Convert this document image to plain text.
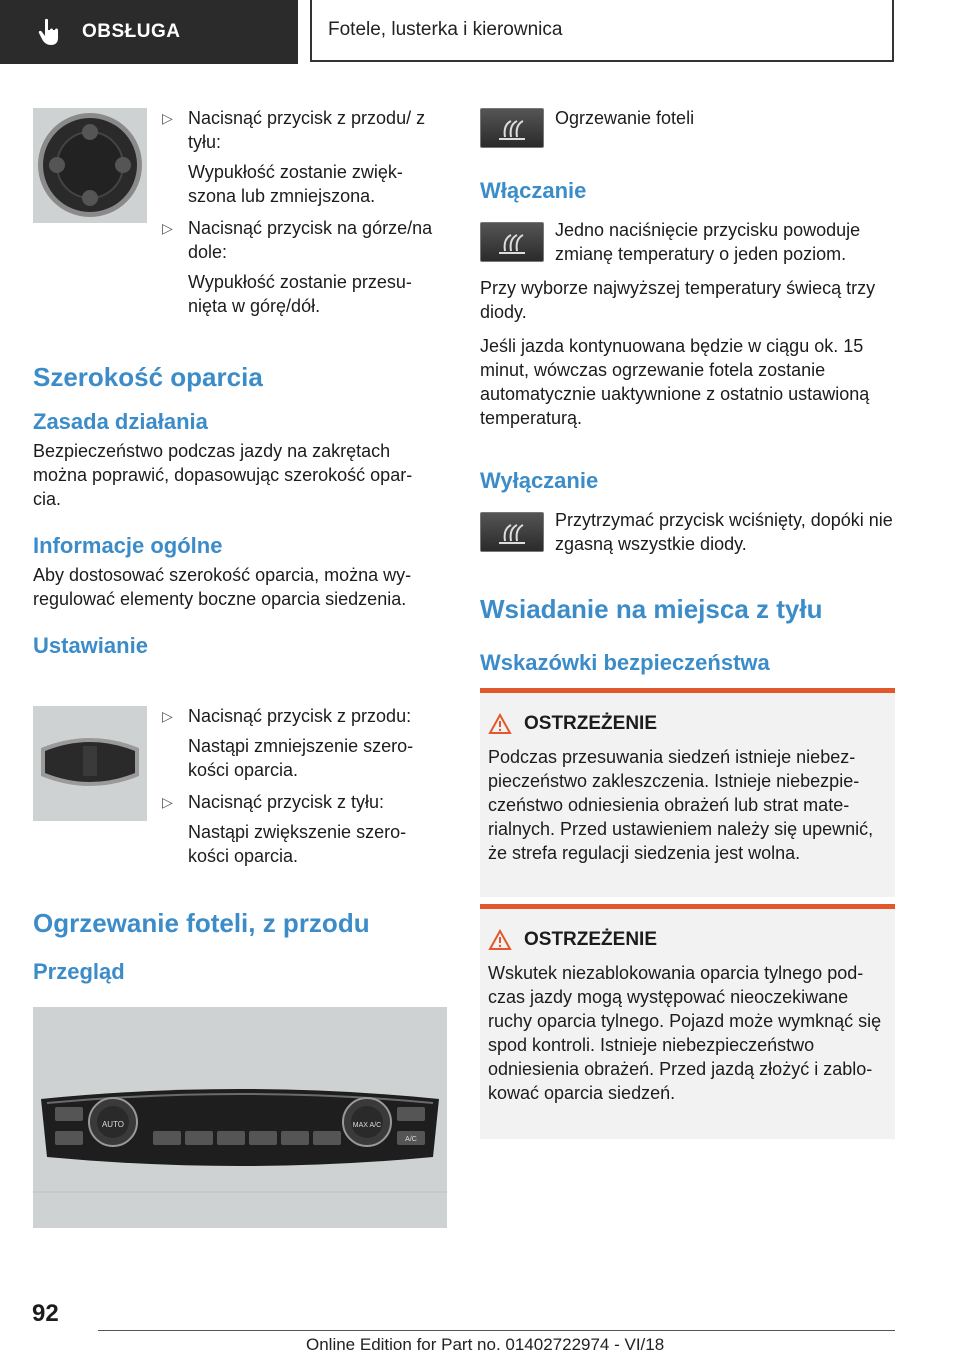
OBSŁUGA	Fotele, lusterka i kierownica
▷ Nacisnąć przycisk z przodu/ z tyłu:
Wypukłość zostanie zwięk- szona lub zmniejszona.
▷ Nacisnąć przycisk na górze/na dole:
Wypukłość zostanie przesu- nięta w górę/dół.
Szerokość oparcia
Zasada działania

Bezpieczeństwo podczas jazdy na zakrętach można poprawić, dopasowując szerokość opar- cia.

Informacje ogólne

Aby dostosować szerokość oparcia, można wy- regulować elementy boczne oparcia siedzenia.

Ustawianie
▷ Nacisnąć przycisk z przodu:
Nastąpi zmniejszenie szero- kości oparcia.
▷ Nacisnąć przycisk z tyłu:
Nastąpi zwiększenie szero- kości oparcia.
Ogrzewanie foteli, z przodu
Przegląd
AUTO	MAX A/C
A/C

Ogrzewanie foteli

Włączanie

Jedno naciśnięcie przycisku powoduje zmianę temperatury o jeden poziom.

Przy wyborze najwyższej temperatury świecą trzy diody.

Jeśli jazda kontynuowana będzie w ciągu ok. 15 minut, wówczas ogrzewanie fotela zostanie automatycznie uaktywnione z ostatnio ustawioną temperaturą.

Wyłączanie

Przytrzymać przycisk wciśnięty, dopóki nie zgasną wszystkie diody.

Wsiadanie na miejsca z tyłu
Wskazówki bezpieczeństwa
OSTRZEŻENIE

Podczas przesuwania siedzeń istnieje niebez- pieczeństwo zakleszczenia. Istnieje niebezpie- czeństwo odniesienia obrażeń lub strat mate- rialnych. Przed ustawieniem należy się upewnić, że strefa regulacji siedzenia jest wolna.

OSTRZEŻENIE

Wskutek niezablokowania oparcia tylnego pod- czas jazdy mogą występować nieoczekiwane ruchy oparcia tylnego. Pojazd może wymknąć się spod kontroli. Istnieje niebezpieczeństwo odniesienia obrażeń. Przed jazdą złożyć i zablo- kować oparcia siedzeń.

92
Online Edition for Part no. 01402722974 - VI/18
